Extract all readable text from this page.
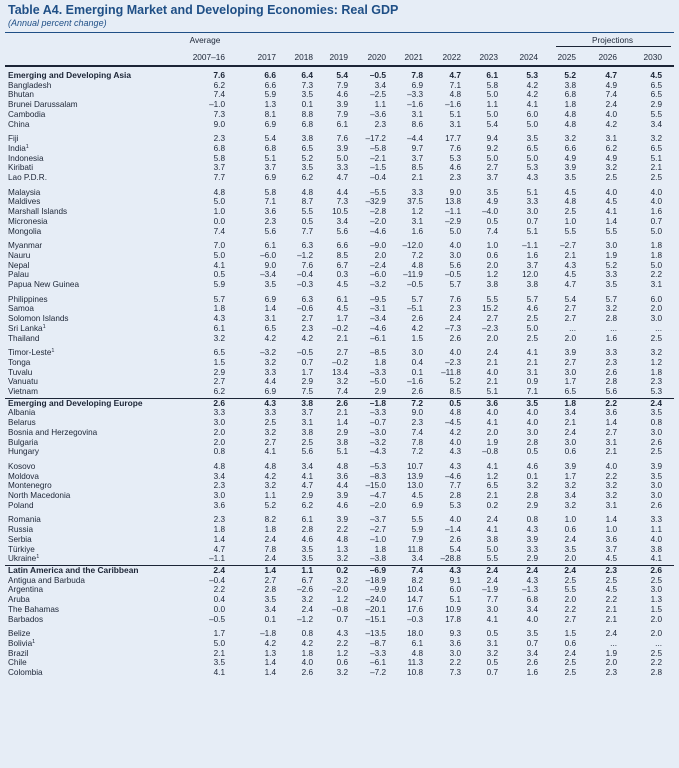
Table A4. Emerging Market and Developing Economies: Real GDP
(Annual percent change)
Average	Projections
2007–16	2017	2018	2019	2020	2021	2022	2023	2024	2025	2026	2030
Emerging and Developing Asia	7.6	6.6	6.4	5.4	–0.5	7.8	4.7	6.1	5.3	5.2	4.7	4.5
Bangladesh	6.2	6.6	7.3	7.9	3.4	6.9	7.1	5.8	4.2	3.8	4.9	6.5
Bhutan	7.4	5.9	3.5	4.6	–2.5	–3.3	4.8	5.0	4.2	6.8	7.4	6.5
Brunei Darussalam	–1.0	1.3	0.1	3.9	1.1	–1.6	–1.6	1.1	4.1	1.8	2.4	2.9
Cambodia	7.3	8.1	8.8	7.9	–3.6	3.1	5.1	5.0	6.0	4.8	4.0	5.5
China	9.0	6.9	6.8	6.1	2.3	8.6	3.1	5.4	5.0	4.8	4.2	3.4
Fiji	2.3	5.4	3.8	7.6	–17.2	–4.4	17.7	9.4	3.5	3.2	3.1	3.2
India$^1$	6.8	6.8	6.5	3.9	–5.8	9.7	7.6	9.2	6.5	6.6	6.2	6.5
Indonesia	5.8	5.1	5.2	5.0	–2.1	3.7	5.3	5.0	5.0	4.9	4.9	5.1
Kiribati	3.7	3.7	3.5	3.3	–1.5	8.5	4.6	2.7	5.3	3.9	3.2	2.1
Lao P.D.R.	7.7	6.9	6.2	4.7	–0.4	2.1	2.3	3.7	4.3	3.5	2.5	2.5
Malaysia	4.8	5.8	4.8	4.4	–5.5	3.3	9.0	3.5	5.1	4.5	4.0	4.0
Maldives	5.0	7.1	8.7	7.3	–32.9	37.5	13.8	4.9	3.3	4.8	4.5	4.0
Marshall Islands	1.0	3.6	5.5	10.5	–2.8	1.2	–1.1	–4.0	3.0	2.5	4.1	1.6
Micronesia	0.0	2.3	0.5	3.4	–2.0	3.1	–2.9	0.5	0.7	1.0	1.4	0.7
Mongolia	7.4	5.6	7.7	5.6	–4.6	1.6	5.0	7.4	5.1	5.5	5.5	5.0
Myanmar	7.0	6.1	6.3	6.6	–9.0	–12.0	4.0	1.0	–1.1	–2.7	3.0	1.8
Nauru	5.0	–6.0	–1.2	8.5	2.0	7.2	3.0	0.6	1.6	2.1	1.9	1.8
Nepal	4.1	9.0	7.6	6.7	–2.4	4.8	5.6	2.0	3.7	4.3	5.2	5.0
Palau	0.5	–3.4	–0.4	0.3	–6.0	–11.9	–0.5	1.2	12.0	4.5	3.3	2.2
Papua New Guinea	5.9	3.5	–0.3	4.5	–3.2	–0.5	5.7	3.8	3.8	4.7	3.5	3.1
Philippines	5.7	6.9	6.3	6.1	–9.5	5.7	7.6	5.5	5.7	5.4	5.7	6.0
Samoa	1.8	1.4	–0.6	4.5	–3.1	–5.1	2.3	15.2	4.6	2.7	3.2	2.0
Solomon Islands	4.3	3.1	2.7	1.7	–3.4	2.6	2.4	2.7	2.5	2.7	2.8	3.0
Sri Lanka$^1$	6.1	6.5	2.3	–0.2	–4.6	4.2	–7.3	–2.3	5.0	...	...	...
Thailand	3.2	4.2	4.2	2.1	–6.1	1.5	2.6	2.0	2.5	2.0	1.6	2.5
Timor-Leste$^1$	6.5	–3.2	–0.5	2.7	–8.5	3.0	4.0	2.4	4.1	3.9	3.3	3.2
Tonga	1.5	3.2	0.7	–0.2	1.8	0.4	–2.3	2.1	2.1	2.7	2.3	1.2
Tuvalu	2.9	3.3	1.7	13.4	–3.3	0.1	–11.8	4.0	3.1	3.0	2.6	1.8
Vanuatu	2.7	4.4	2.9	3.2	–5.0	–1.6	5.2	2.1	0.9	1.7	2.8	2.3
Vietnam	6.2	6.9	7.5	7.4	2.9	2.6	8.5	5.1	7.1	6.5	5.6	5.3
Emerging and Developing Europe	2.6	4.3	3.8	2.6	–1.8	7.2	0.5	3.6	3.5	1.8	2.2	2.4
Albania	3.3	3.3	3.7	2.1	–3.3	9.0	4.8	4.0	4.0	3.4	3.6	3.5
Belarus	3.0	2.5	3.1	1.4	–0.7	2.3	–4.5	4.1	4.0	2.1	1.4	0.8
Bosnia and Herzegovina	2.0	3.2	3.8	2.9	–3.0	7.4	4.2	2.0	3.0	2.4	2.7	3.0
Bulgaria	2.0	2.7	2.5	3.8	–3.2	7.8	4.0	1.9	2.8	3.0	3.1	2.6
Hungary	0.8	4.1	5.6	5.1	–4.3	7.2	4.3	–0.8	0.5	0.6	2.1	2.5
Kosovo	4.8	4.8	3.4	4.8	–5.3	10.7	4.3	4.1	4.6	3.9	4.0	3.9
Moldova	3.4	4.2	4.1	3.6	–8.3	13.9	–4.6	1.2	0.1	1.7	2.2	3.5
Montenegro	2.3	3.2	4.7	4.4	–15.0	13.0	7.7	6.5	3.2	3.2	3.2	3.0
North Macedonia	3.0	1.1	2.9	3.9	–4.7	4.5	2.8	2.1	2.8	3.4	3.2	3.0
Poland	3.6	5.2	6.2	4.6	–2.0	6.9	5.3	0.2	2.9	3.2	3.1	2.6
Romania	2.3	8.2	6.1	3.9	–3.7	5.5	4.0	2.4	0.8	1.0	1.4	3.3
Russia	1.8	1.8	2.8	2.2	–2.7	5.9	–1.4	4.1	4.3	0.6	1.0	1.1
Serbia	1.4	2.4	4.6	4.8	–1.0	7.9	2.6	3.8	3.9	2.4	3.6	4.0
Türkiye	4.7	7.8	3.5	1.3	1.8	11.8	5.4	5.0	3.3	3.5	3.7	3.8
Ukraine$^1$	–1.1	2.4	3.5	3.2	–3.8	3.4	–28.8	5.5	2.9	2.0	4.5	4.1
Latin America and the Caribbean	2.4	1.4	1.1	0.2	–6.9	7.4	4.3	2.4	2.4	2.4	2.3	2.6
Antigua and Barbuda	–0.4	2.7	6.7	3.2	–18.9	8.2	9.1	2.4	4.3	2.5	2.5	2.5
Argentina	2.2	2.8	–2.6	–2.0	–9.9	10.4	6.0	–1.9	–1.3	5.5	4.5	3.0
Aruba	0.4	3.5	3.2	1.2	–24.0	14.7	5.1	7.7	6.8	2.0	2.2	1.3
The Bahamas	0.0	3.4	2.4	–0.8	–20.1	17.6	10.9	3.0	3.4	2.2	2.1	1.5
Barbados	–0.5	0.1	–1.2	0.7	–15.1	–0.3	17.8	4.1	4.0	2.7	2.1	2.0
Belize	1.7	–1.8	0.8	4.3	–13.5	18.0	9.3	0.5	3.5	1.5	2.4	2.0
Bolivia$^1$	5.0	4.2	4.2	2.2	–8.7	6.1	3.6	3.1	0.7	0.6	...	...
Brazil	2.1	1.3	1.8	1.2	–3.3	4.8	3.0	3.2	3.4	2.4	1.9	2.5
Chile	3.5	1.4	4.0	0.6	–6.1	11.3	2.2	0.5	2.6	2.5	2.0	2.2
Colombia	4.1	1.4	2.6	3.2	–7.2	10.8	7.3	0.7	1.6	2.5	2.3	2.8
